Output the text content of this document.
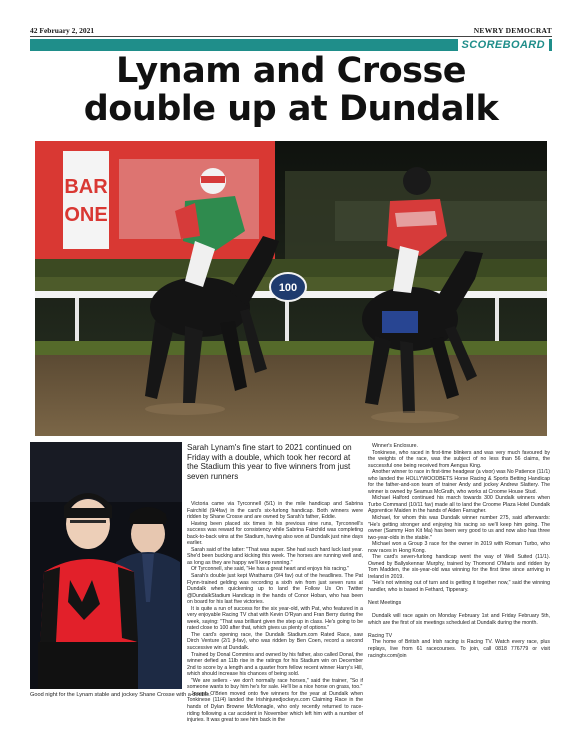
42 February 2, 2021	NEWRY DEMOCRAT
SCOREBOARD
Lynam and Crosse
double up at Dundalk
BAR
ONE
100
Good night for the Lynam stable and jockey Shane Crosse with a double.
Sarah Lynam's fine start to 2021 continued on Friday with a double, which took her record at the Stadium this year to five winners from just seven runners

Victoria came via Tyrconnell (5/1) in the mile handicap and Sabrina Fairchild (9/4fav) in the card's six-furlong handicap. Both winners were ridden by Shane Crosse and are owned by Sarah's father, Eddie.

Having been placed six times in his previous nine runs, Tyrconnell's success was reward for consistency while Sabrina Fairchild was completing back-to-back wins at the Stadium, having also won at Dundalk just nine days earlier.

Sarah said of the latter: "That was super. She had such hard luck last year. She'd been bucking and kicking this week. The horses are running well and, as long as they are happy we'll keep running."

Of Tyrconnell, she said, "He has a great heart and enjoys his racing."

Sarah's double just kept Wrathams (9/4 fav) out of the headlines. The Pat Flynn-trained gelding was recording a sixth win from just seven runs at Dundalk when quickening up to land the Follow Us On Twitter @DundalkStadium Handicap in the hands of Conor Hoban, who has been on board for his last five victories.

It is quite a run of success for the six year-old, with Pat, who featured in a very enjoyable Racing TV chat with Kevin O'Ryan and Fran Berry during the week, saying: "That was brilliant given the step up in class. He's going to be rated close to 100 after that, which gives us plenty of options."

The card's opening race, the Dundalk Stadium.com Rated Race, saw Dirch Venture (2/1 jt-fav), who was ridden by Ben Coen, record a second successive win at Dundalk.

Trained by Donal Commins and owned by his father, also called Donal, the winner defied an 11lb rise in the ratings for his Stadium win on December 2nd to score by a length and a quarter from fellow recent winner Harry's Hill, which should increase his chances of being sold.

"We are sellers - we don't normally race horses," said the trainer, "So if someone wants to buy him he's for sale. He'll be a nice horse on grass, too."

Joseph O'Brien moved onto five winners for the year at Dundalk when Tonkinese (11/4) landed the Irishinjuredjockeys.com Claiming Race in the hands of Dylan Browne McMonagle, who only recently returned to race-riding following a car accident in November which left him with a number of injuries. It was great to see him back in the

Winner's Enclosure.

Tonkinese, who raced in first-time blinkers and was very much favoured by the weights of the race, was the subject of no less than 56 claims, the successful one being received from Aengus King.

Another winner to race in first-time headgear (a visor) was No Patience (11/1) who landed the HOLLYWOODBETS Horse Racing & Sports Betting Handicap for the father-and-son team of trainer Andy and jockey Andrew Slattery. The winner is owned by Seamus McGrath, who works at Croome House Stud.

Michael Halford continued his march towards 300 Dundalk winners when Turbo Command (10/11 fav) made all to land the Croome Plaza Hotel Dundalk Apprentice Maiden in the hands of Aiden Farragher.

Michael, for whom this was Dundalk winner number 275, said afterwards: "He's getting stronger and enjoying his racing so we'll keep him going. The owner (Sammy Hon Kit Ma) has been very good to us and now also has three two-year-olds in the stable."

Michael won a Group 3 race for the owner in 2019 with Roman Turbo, who now races in Hong Kong.

The card's seven-furlong handicap went the way of Well Suited (11/1). Owned by Ballyskennar Murphy, trained by Thomond O'Maris and ridden by Tom Madden, the six-year-old was winning for the first time since arriving in Ireland in 2019.

"He's not winning out of turn and is getting it together now," said the winning handler, who is based in Fethard, Tipperary.

Next Meetings

Dundalk will race again on Monday February 1st and Friday February 5th, which are the first of six meetings scheduled at Dundalk during the month.

Racing TV

The home of British and Irish racing is Racing TV. Watch every race, plus replays, live from 61 racecourses. To join, call 0818 776779 or visit racingtv.com/join
